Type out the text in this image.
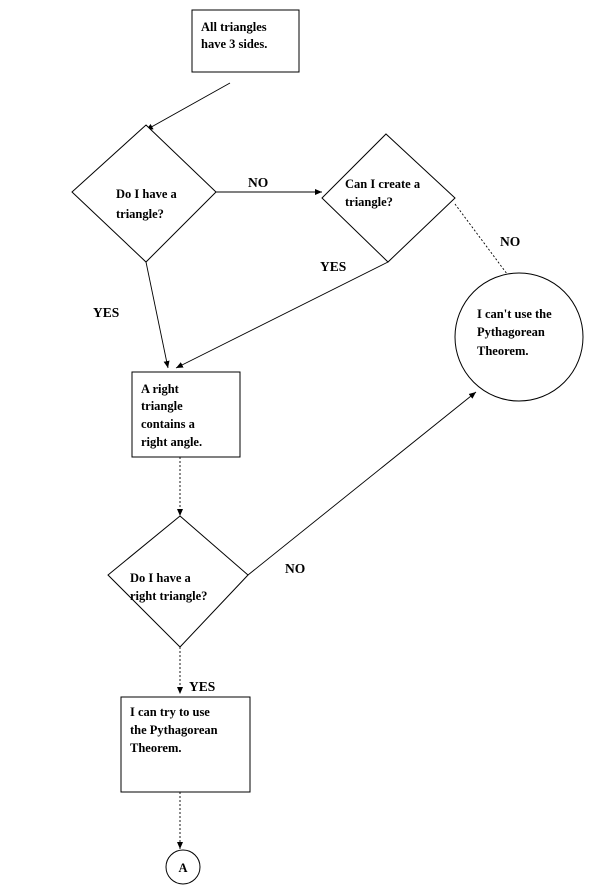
All triangles
have 3 sides.
Do I have a
triangle?
Can I create a
triangle?
I can't use the
Pythagorean
Theorem.
A right
triangle
contains a
right angle.
Do I have a
right triangle?
I can try to use
the Pythagorean
Theorem.
A
NO
NO
YES
YES
NO
YES
